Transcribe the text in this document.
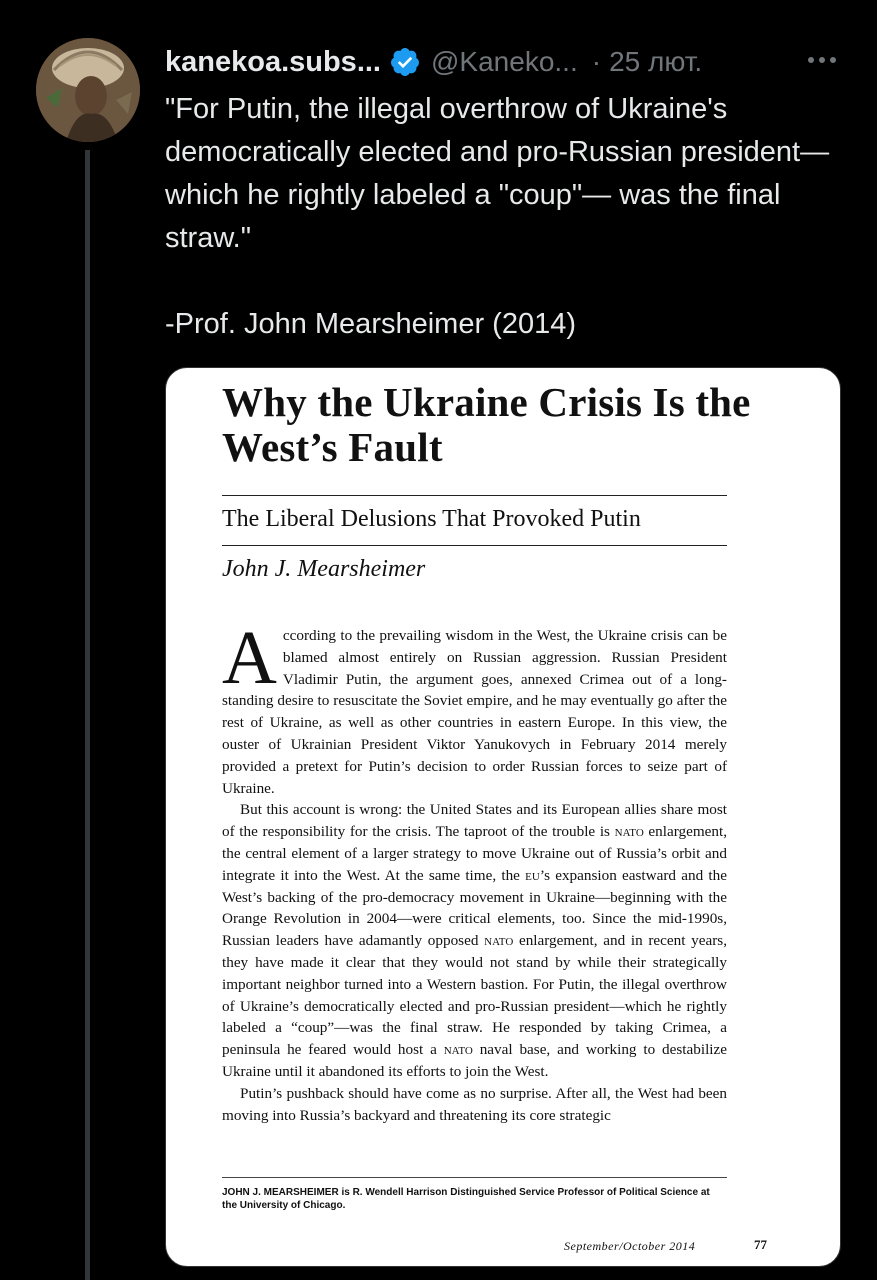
kanekoa.subs... @Kaneko... · 25 лют.
"For Putin, the illegal overthrow of Ukraine's democratically elected and pro-Russian president— which he rightly labeled a "coup"— was the final straw."

-Prof. John Mearsheimer (2014)
Why the Ukraine Crisis Is the West’s Fault
The Liberal Delusions That Provoked Putin
John J. Mearsheimer

According to the prevailing wisdom in the West, the Ukraine crisis can be blamed almost entirely on Russian aggression. Russian President Vladimir Putin, the argument goes, annexed Crimea out of a long-standing desire to resuscitate the Soviet empire, and he may eventually go after the rest of Ukraine, as well as other countries in eastern Europe. In this view, the ouster of Ukrainian President Viktor Yanukovych in February 2014 merely provided a pretext for Putin’s decision to order Russian forces to seize part of Ukraine.

But this account is wrong: the United States and its European allies share most of the responsibility for the crisis. The taproot of the trouble is nato enlargement, the central element of a larger strategy to move Ukraine out of Russia’s orbit and integrate it into the West. At the same time, the eu’s expansion eastward and the West’s backing of the pro-democracy movement in Ukraine—beginning with the Orange Revolution in 2004—were critical elements, too. Since the mid-1990s, Russian leaders have adamantly opposed nato enlargement, and in recent years, they have made it clear that they would not stand by while their strategically important neighbor turned into a Western bastion. For Putin, the illegal overthrow of Ukraine’s democratically elected and pro-Russian president—which he rightly labeled a “coup”—was the final straw. He responded by taking Crimea, a peninsula he feared would host a nato naval base, and working to destabilize Ukraine until it abandoned its efforts to join the West.

Putin’s pushback should have come as no surprise. After all, the West had been moving into Russia’s backyard and threatening its core strategic

JOHN J. MEARSHEIMER is R. Wendell Harrison Distinguished Service Professor of Political Science at the University of Chicago.
September/October 2014	77
